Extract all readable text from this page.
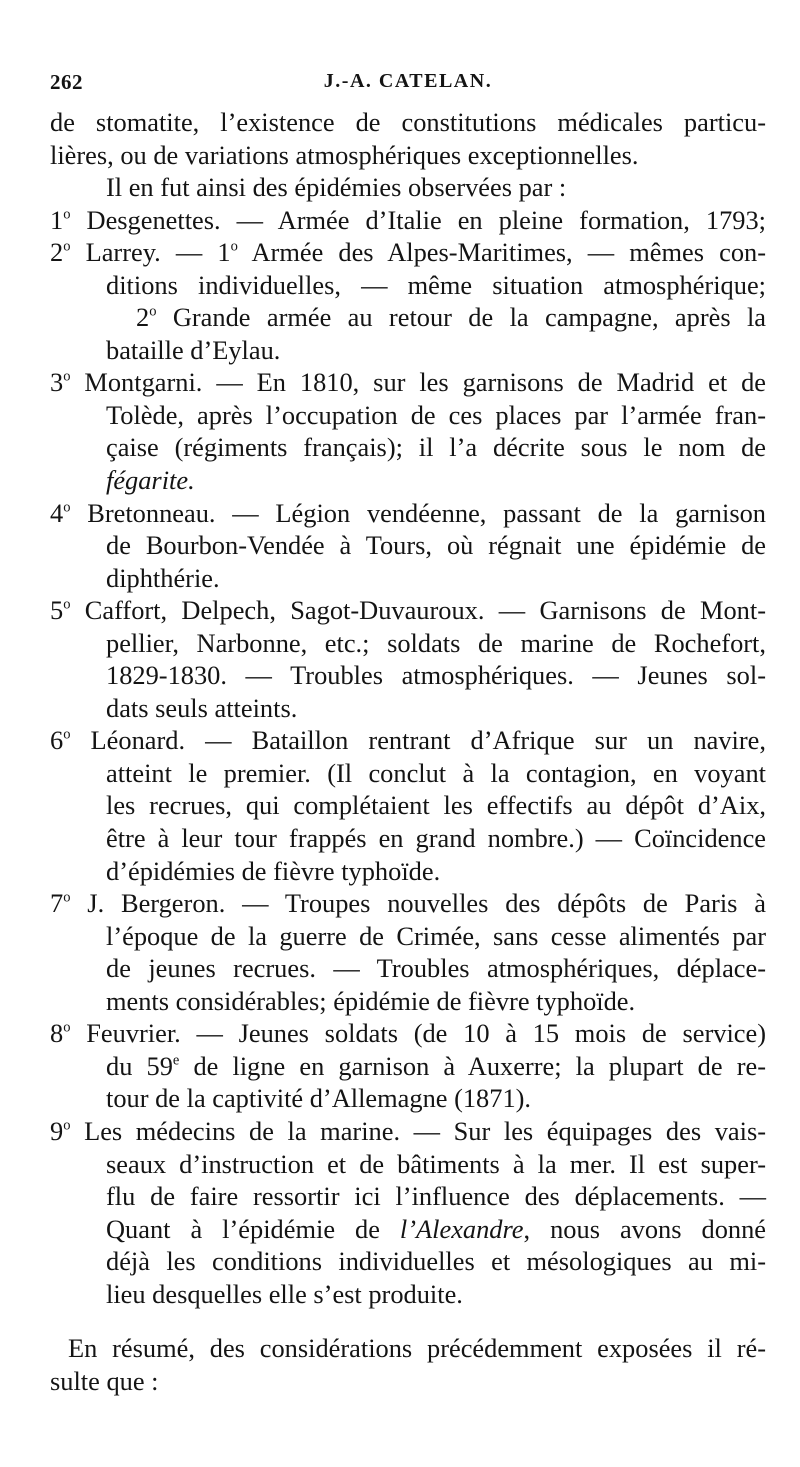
262	J.-A. CATELAN.
de stomatite, l’existence de constitutions médicales particu-
lières, ou de variations atmosphériques exceptionnelles.
Il en fut ainsi des épidémies observées par :
1$^o$ Desgenettes. — Armée d’Italie en pleine formation, 1793;
2$^o$ Larrey. — 1$^o$ Armée des Alpes-Maritimes, — mêmes con-
ditions individuelles, — même situation atmosphérique;
2$^o$ Grande armée au retour de la campagne, après la
bataille d’Eylau.
3$^o$ Montgarni. — En 1810, sur les garnisons de Madrid et de
Tolède, après l’occupation de ces places par l’armée fran-
çaise (régiments français); il l’a décrite sous le nom de
fégarite.
4$^o$ Bretonneau. — Légion vendéenne, passant de la garnison
de Bourbon-Vendée à Tours, où régnait une épidémie de
diphthérie.
5$^o$ Caffort, Delpech, Sagot-Duvauroux. — Garnisons de Mont-
pellier, Narbonne, etc.; soldats de marine de Rochefort,
1829-1830. — Troubles atmosphériques. — Jeunes sol-
dats seuls atteints.
6$^o$ Léonard. — Bataillon rentrant d’Afrique sur un navire,
atteint le premier. (Il conclut à la contagion, en voyant
les recrues, qui complétaient les effectifs au dépôt d’Aix,
être à leur tour frappés en grand nombre.) — Coïncidence
d’épidémies de fièvre typhoïde.
7$^o$ J. Bergeron. — Troupes nouvelles des dépôts de Paris à
l’époque de la guerre de Crimée, sans cesse alimentés par
de jeunes recrues. — Troubles atmosphériques, déplace-
ments considérables; épidémie de fièvre typhoïde.
8$^o$ Feuvrier. — Jeunes soldats (de 10 à 15 mois de service)
du 59e de ligne en garnison à Auxerre; la plupart de re-
tour de la captivité d’Allemagne (1871).
9$^o$ Les médecins de la marine. — Sur les équipages des vais-
seaux d’instruction et de bâtiments à la mer. Il est super-
flu de faire ressortir ici l’influence des déplacements. —
Quant à l’épidémie de l’Alexandre, nous avons donné
déjà les conditions individuelles et mésologiques au mi-
lieu desquelles elle s’est produite.
En résumé, des considérations précédemment exposées il ré-
sulte que :
